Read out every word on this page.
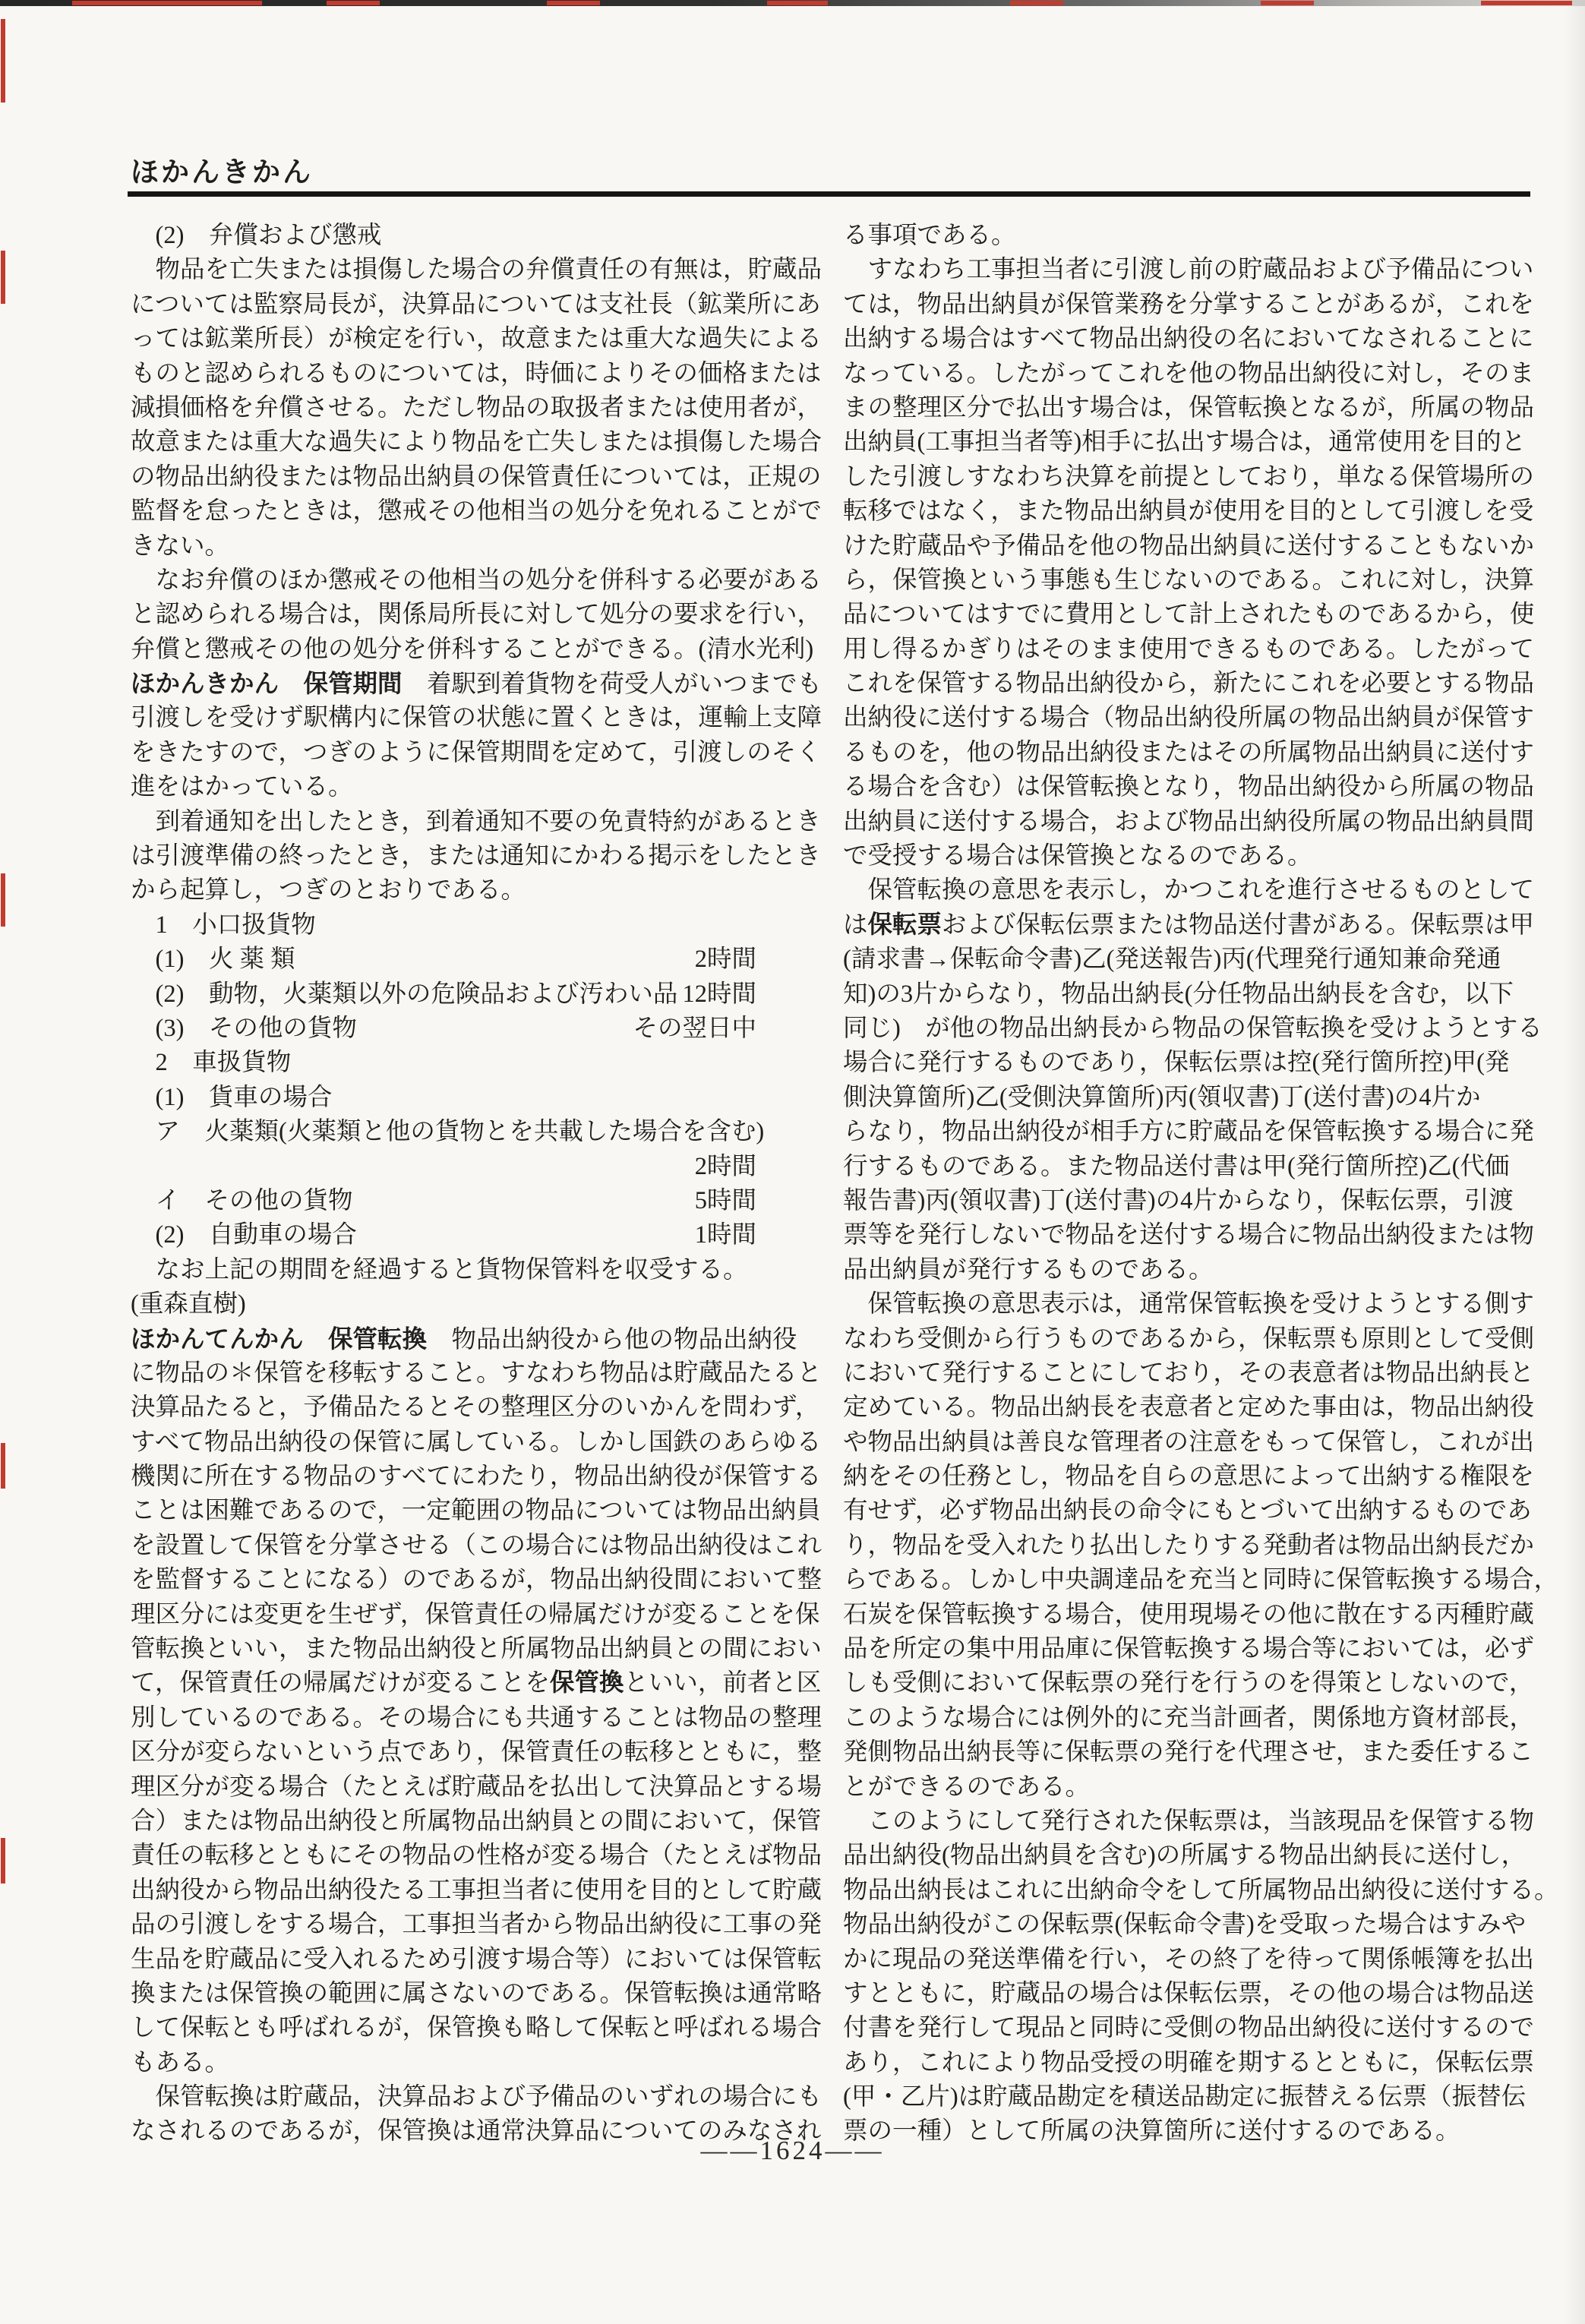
ほかんきかん
　(2)　弁償および懲戒
　物品を亡失または損傷した場合の弁償責任の有無は，貯蔵品
については監察局長が，決算品については支社長（鉱業所にあ
っては鉱業所長）が検定を行い，故意または重大な過失による
ものと認められるものについては，時価によりその価格または
減損価格を弁償させる。ただし物品の取扱者または使用者が，
故意または重大な過失により物品を亡失しまたは損傷した場合
の物品出納役または物品出納員の保管責任については，正規の
監督を怠ったときは，懲戒その他相当の処分を免れることがで
きない。
　なお弁償のほか懲戒その他相当の処分を併科する必要がある
と認められる場合は，関係局所長に対して処分の要求を行い，
弁償と懲戒その他の処分を併科することができる。(清水光利)
ほかんきかん　 保管期間　着駅到着貨物を荷受人がいつまでも
引渡しを受けず駅構内に保管の状態に置くときは，運輸上支障
をきたすので，つぎのように保管期間を定めて，引渡しのそく
進をはかっている。
　到着通知を出したとき，到着通知不要の免責特約があるとき
は引渡準備の終ったとき，または通知にかわる掲示をしたとき
から起算し，つぎのとおりである。
　1　小口扱貨物
　(1)　火 薬 類	2時間
　(2)　動物，火薬類以外の危険品および汚わい品 12時間
　(3)　その他の貨物	その翌日中
　2　車扱貨物
　(1)　貨車の場合
　ア　火薬類(火薬類と他の貨物とを共載した場合を含む)
2時間
　イ　その他の貨物	5時間
　(2)　自動車の場合	1時間
　なお上記の期間を経過すると貨物保管料を収受する。
(重森直樹)
ほかんてんかん　 保管転換　物品出納役から他の物品出納役
に物品の＊保管を移転すること。すなわち物品は貯蔵品たると
決算品たると，予備品たるとその整理区分のいかんを問わず，
すべて物品出納役の保管に属している。しかし国鉄のあらゆる
機関に所在する物品のすべてにわたり，物品出納役が保管する
ことは困難であるので，一定範囲の物品については物品出納員
を設置して保管を分掌させる（この場合には物品出納役はこれ
を監督することになる）のであるが，物品出納役間において整
理区分には変更を生ぜず，保管責任の帰属だけが変ることを保
管転換といい，また物品出納役と所属物品出納員との間におい
て，保管責任の帰属だけが変ることを保管換といい，前者と区
別しているのである。その場合にも共通することは物品の整理
区分が変らないという点であり，保管責任の転移とともに，整
理区分が変る場合（たとえば貯蔵品を払出して決算品とする場
合）または物品出納役と所属物品出納員との間において，保管
責任の転移とともにその物品の性格が変る場合（たとえば物品
出納役から物品出納役たる工事担当者に使用を目的として貯蔵
品の引渡しをする場合，工事担当者から物品出納役に工事の発
生品を貯蔵品に受入れるため引渡す場合等）においては保管転
換または保管換の範囲に属さないのである。保管転換は通常略
して保転とも呼ばれるが，保管換も略して保転と呼ばれる場合
もある。
　保管転換は貯蔵品，決算品および予備品のいずれの場合にも
なされるのであるが，保管換は通常決算品についてのみなされ
る事項である。
　すなわち工事担当者に引渡し前の貯蔵品および予備品につい
ては，物品出納員が保管業務を分掌することがあるが，これを
出納する場合はすべて物品出納役の名においてなされることに
なっている。したがってこれを他の物品出納役に対し，そのま
まの整理区分で払出す場合は，保管転換となるが，所属の物品
出納員(工事担当者等)相手に払出す場合は，通常使用を目的と
した引渡しすなわち決算を前提としており，単なる保管場所の
転移ではなく，また物品出納員が使用を目的として引渡しを受
けた貯蔵品や予備品を他の物品出納員に送付することもないか
ら，保管換という事態も生じないのである。これに対し，決算
品についてはすでに費用として計上されたものであるから，使
用し得るかぎりはそのまま使用できるものである。したがって
これを保管する物品出納役から，新たにこれを必要とする物品
出納役に送付する場合（物品出納役所属の物品出納員が保管す
るものを，他の物品出納役またはその所属物品出納員に送付す
る場合を含む）は保管転換となり，物品出納役から所属の物品
出納員に送付する場合，および物品出納役所属の物品出納員間
で受授する場合は保管換となるのである。
　保管転換の意思を表示し，かつこれを進行させるものとして
は保転票および保転伝票または物品送付書がある。保転票は甲
(請求書→保転命令書)乙(発送報告)丙(代理発行通知兼命発通
知)の3片からなり，物品出納長(分任物品出納長を含む，以下
同じ)　が他の物品出納長から物品の保管転換を受けようとする
場合に発行するものであり，保転伝票は控(発行箇所控)甲(発
側決算箇所)乙(受側決算箇所)丙(領収書)丁(送付書)の4片か
らなり，物品出納役が相手方に貯蔵品を保管転換する場合に発
行するものである。また物品送付書は甲(発行箇所控)乙(代価
報告書)丙(領収書)丁(送付書)の4片からなり，保転伝票，引渡
票等を発行しないで物品を送付する場合に物品出納役または物
品出納員が発行するものである。
　保管転換の意思表示は，通常保管転換を受けようとする側す
なわち受側から行うものであるから，保転票も原則として受側
において発行することにしており，その表意者は物品出納長と
定めている。物品出納長を表意者と定めた事由は，物品出納役
や物品出納員は善良な管理者の注意をもって保管し，これが出
納をその任務とし，物品を自らの意思によって出納する権限を
有せず，必ず物品出納長の命令にもとづいて出納するものであ
り，物品を受入れたり払出したりする発動者は物品出納長だか
らである。しかし中央調達品を充当と同時に保管転換する場合，
石炭を保管転換する場合，使用現場その他に散在する丙種貯蔵
品を所定の集中用品庫に保管転換する場合等においては，必ず
しも受側において保転票の発行を行うのを得策としないので，
このような場合には例外的に充当計画者，関係地方資材部長，
発側物品出納長等に保転票の発行を代理させ，また委任するこ
とができるのである。
　このようにして発行された保転票は，当該現品を保管する物
品出納役(物品出納員を含む)の所属する物品出納長に送付し，
物品出納長はこれに出納命令をして所属物品出納役に送付する。
物品出納役がこの保転票(保転命令書)を受取った場合はすみや
かに現品の発送準備を行い，その終了を待って関係帳簿を払出
すとともに，貯蔵品の場合は保転伝票，その他の場合は物品送
付書を発行して現品と同時に受側の物品出納役に送付するので
あり，これにより物品受授の明確を期するとともに，保転伝票
(甲・乙片)は貯蔵品勘定を積送品勘定に振替える伝票（振替伝
票の一種）として所属の決算箇所に送付するのである。
——1624——
